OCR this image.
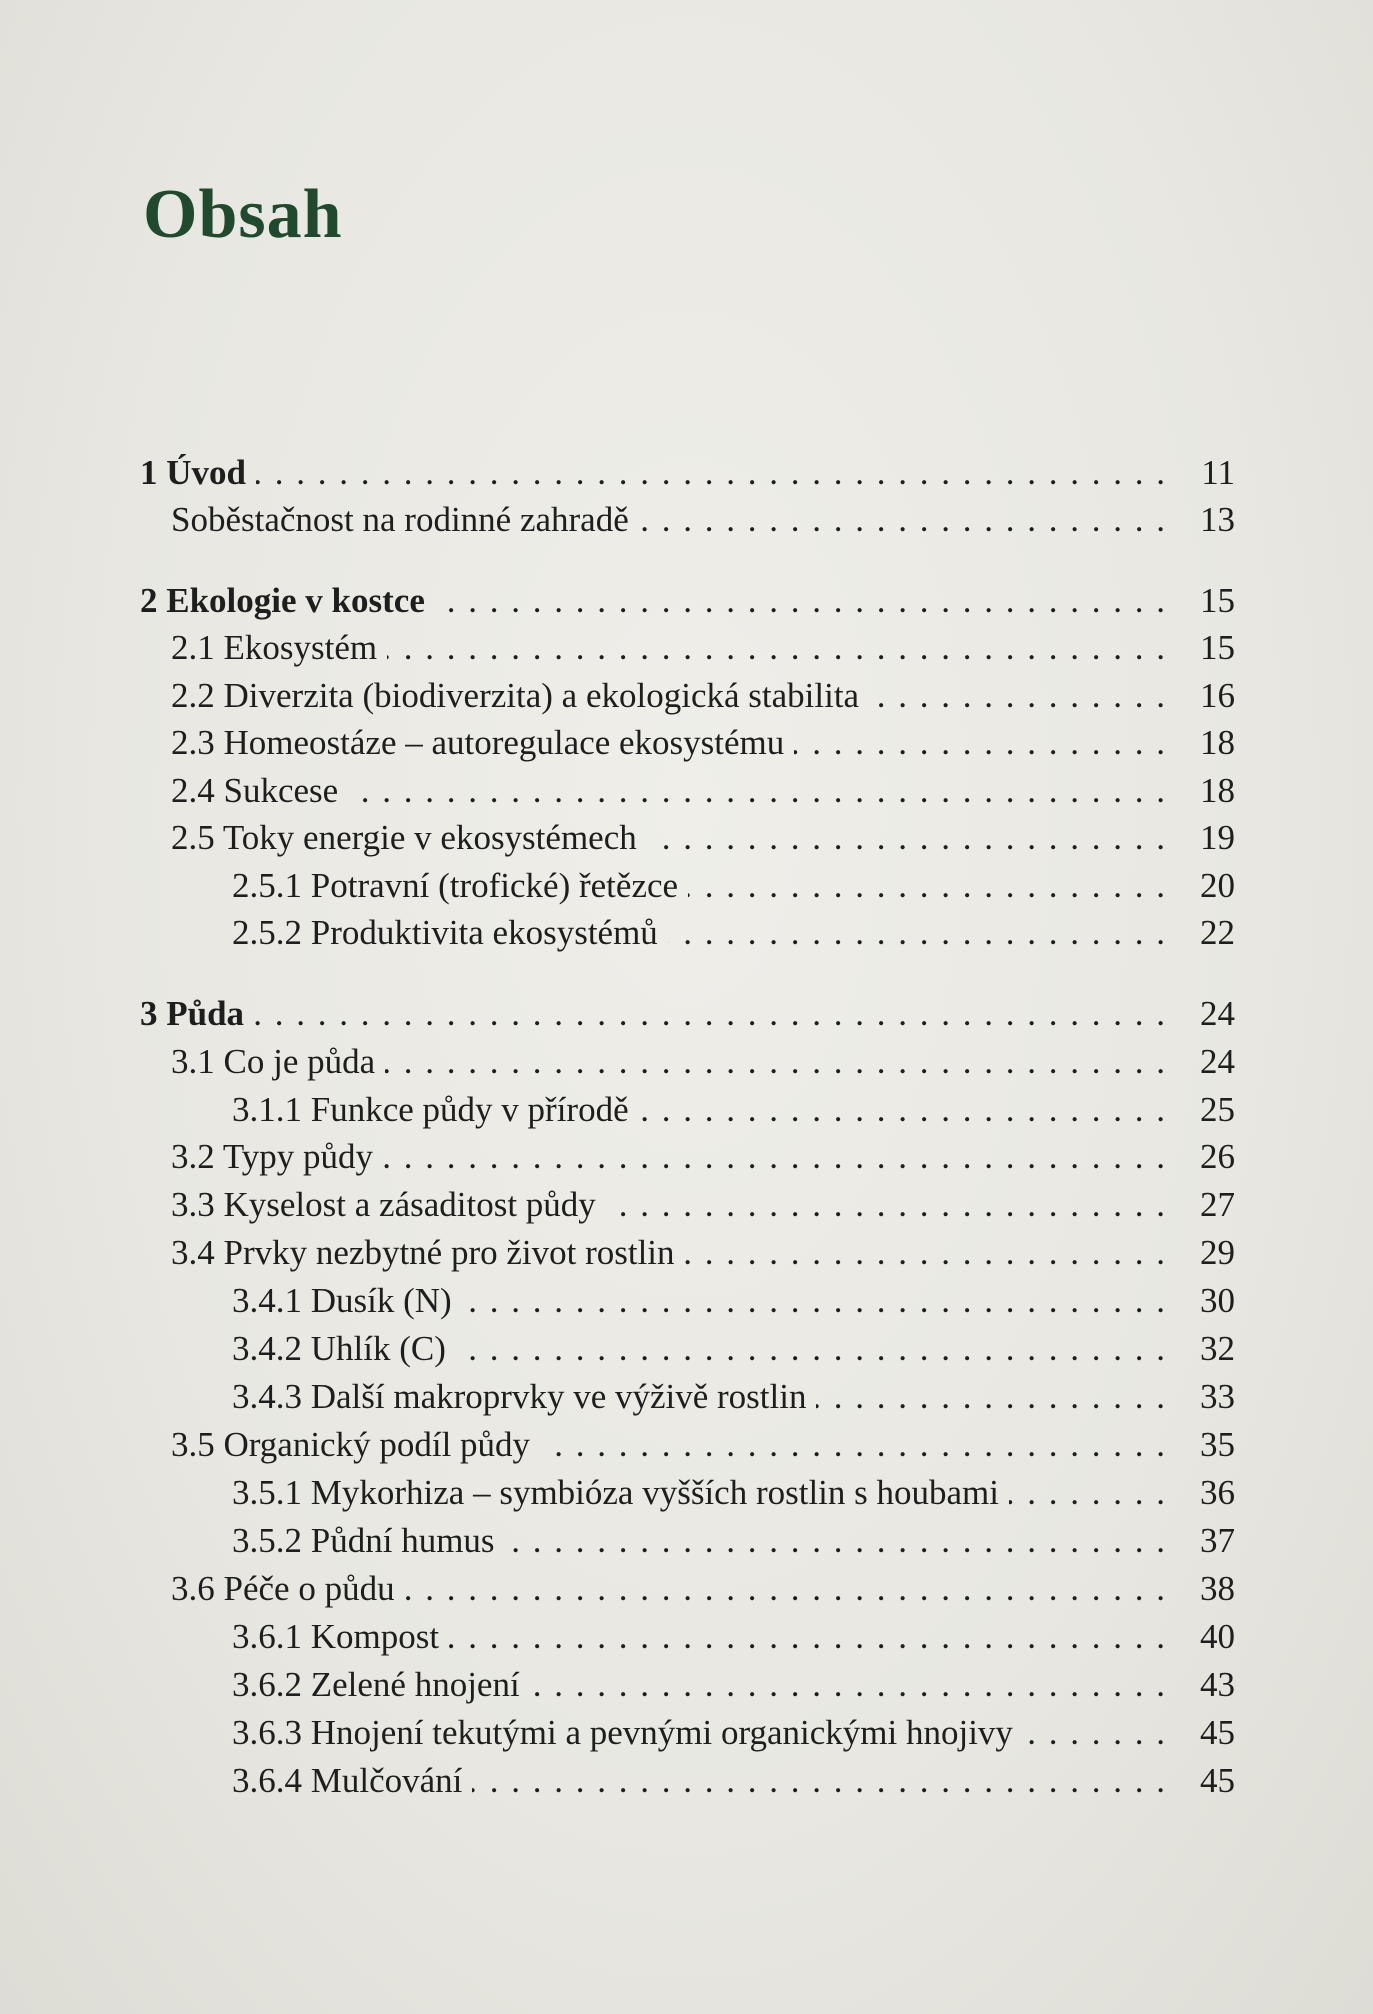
Obsah
1 Úvod . . .	11
Soběstačnost na rodinné zahradě . . .	13
2 Ekologie v kostce . . .	15
2.1 Ekosystém . . .	15
2.2 Diverzita (biodiverzita) a ekologická stabilita . . .	16
2.3 Homeostáze – autoregulace ekosystému . . .	18
2.4 Sukcese . . .	18
2.5 Toky energie v ekosystémech . . .	19
2.5.1 Potravní (trofické) řetězce . . .	20
2.5.2 Produktivita ekosystémů . . .	22
3 Půda . . .	24
3.1 Co je půda . . .	24
3.1.1 Funkce půdy v přírodě . . .	25
3.2 Typy půdy . . .	26
3.3 Kyselost a zásaditost půdy . . .	27
3.4 Prvky nezbytné pro život rostlin . . .	29
3.4.1 Dusík (N) . . .	30
3.4.2 Uhlík (C) . . .	32
3.4.3 Další makroprvky ve výživě rostlin . . .	33
3.5 Organický podíl půdy . . .	35
3.5.1 Mykorhiza – symbióza vyšších rostlin s houbami . . .	36
3.5.2 Půdní humus . . .	37
3.6 Péče o půdu . . .	38
3.6.1 Kompost . . .	40
3.6.2 Zelené hnojení . . .	43
3.6.3 Hnojení tekutými a pevnými organickými hnojivy . . .	45
3.6.4 Mulčování . . .	45
